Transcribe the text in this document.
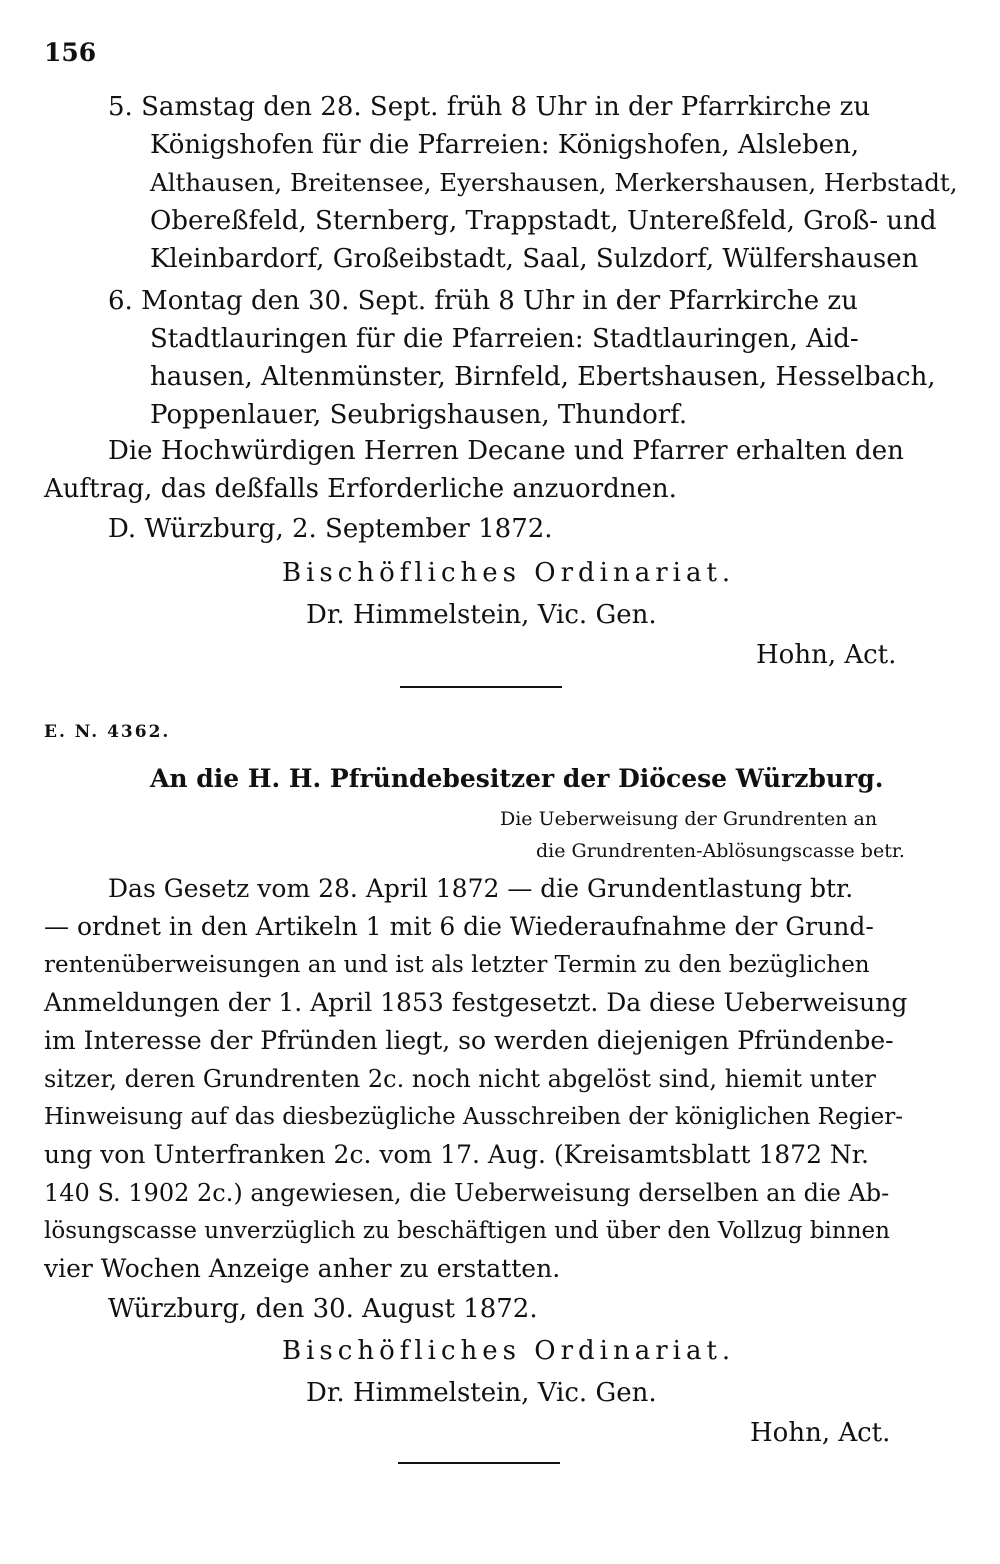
156
5. Samstag den 28. Sept. früh 8 Uhr in der Pfarrkirche zu
Königshofen für die Pfarreien: Königshofen, Alsleben,
Althausen, Breitensee, Eyershausen, Merkershausen, Herbstadt,
Obereßfeld, Sternberg, Trappstadt, Untereßfeld, Groß- und
Kleinbardorf, Großeibstadt, Saal, Sulzdorf, Wülfershausen
6. Montag den 30. Sept. früh 8 Uhr in der Pfarrkirche zu
Stadtlauringen für die Pfarreien: Stadtlauringen, Aid-
hausen, Altenmünster, Birnfeld, Ebertshausen, Hesselbach,
Poppenlauer, Seubrigshausen, Thundorf.
Die Hochwürdigen Herren Decane und Pfarrer erhalten den
Auftrag, das deßfalls Erforderliche anzuordnen.
D. Würzburg, 2. September 1872.
Bischöfliches Ordinariat.
Dr. Himmelstein, Vic. Gen.
Hohn, Act.
E. N. 4362.
An die H. H. Pfründebesitzer der Diöcese Würzburg.
Die Ueberweisung der Grundrenten an
die Grundrenten-Ablösungscasse betr.
Das Gesetz vom 28. April 1872 — die Grundentlastung btr.
— ordnet in den Artikeln 1 mit 6 die Wiederaufnahme der Grund-
rentenüberweisungen an und ist als letzter Termin zu den bezüglichen
Anmeldungen der 1. April 1853 festgesetzt. Da diese Ueberweisung
im Interesse der Pfründen liegt, so werden diejenigen Pfründenbe-
sitzer, deren Grundrenten 2c. noch nicht abgelöst sind, hiemit unter
Hinweisung auf das diesbezügliche Ausschreiben der königlichen Regier-
ung von Unterfranken 2c. vom 17. Aug. (Kreisamtsblatt 1872 Nr.
140 S. 1902 2c.) angewiesen, die Ueberweisung derselben an die Ab-
lösungscasse unverzüglich zu beschäftigen und über den Vollzug binnen
vier Wochen Anzeige anher zu erstatten.
Würzburg, den 30. August 1872.
Bischöfliches Ordinariat.
Dr. Himmelstein, Vic. Gen.
Hohn, Act.
